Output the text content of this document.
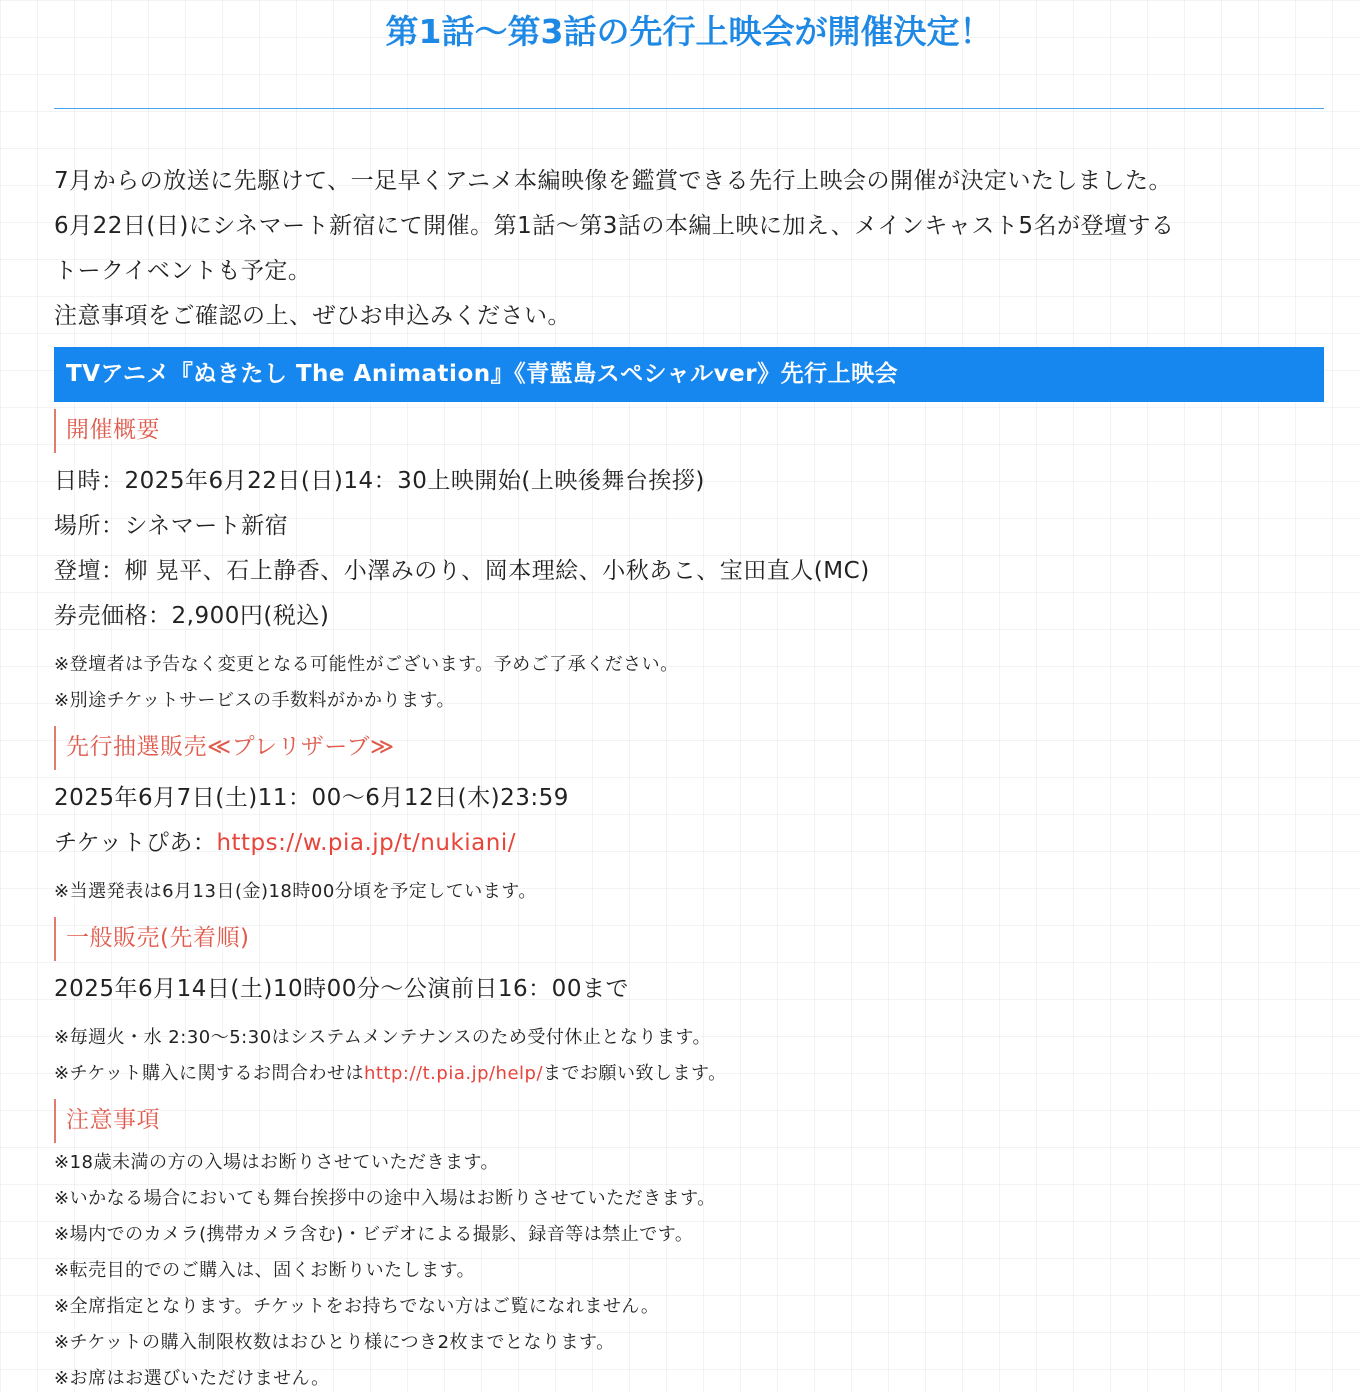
第1話〜第3話の先行上映会が開催決定！

7月からの放送に先駆けて、一足早くアニメ本編映像を鑑賞できる先行上映会の開催が決定いたしました。

6月22日(日)にシネマート新宿にて開催。第1話〜第3話の本編上映に加え、メインキャスト5名が登壇する

トークイベントも予定。

注意事項をご確認の上、ぜひお申込みください。

TVアニメ『ぬきたし The Animation』《青藍島スペシャルver》先行上映会
開催概要
日時：2025年6月22日(日)14：30上映開始(上映後舞台挨拶)
場所：シネマート新宿
登壇：柳 晃平、石上静香、小澤みのり、岡本理絵、小秋あこ、宝田直人(MC)
券売価格：2,900円(税込)
※登壇者は予告なく変更となる可能性がございます。予めご了承ください。
※別途チケットサービスの手数料がかかります。
先行抽選販売≪プレリザーブ≫
2025年6月7日(土)11：00〜6月12日(木)23:59
チケットぴあ：https://w.pia.jp/t/nukiani/
※当選発表は6月13日(金)18時00分頃を予定しています。
一般販売(先着順)
2025年6月14日(土)10時00分〜公演前日16：00まで
※毎週火・水 2:30〜5:30はシステムメンテナンスのため受付休止となります。
※チケット購入に関するお問合わせはhttp://t.pia.jp/help/までお願い致します。
注意事項
※18歳未満の方の入場はお断りさせていただきます。
※いかなる場合においても舞台挨拶中の途中入場はお断りさせていただきます。
※場内でのカメラ(携帯カメラ含む)・ビデオによる撮影、録音等は禁止です。
※転売目的でのご購入は、固くお断りいたします。
※全席指定となります。チケットをお持ちでない方はご覧になれません。
※チケットの購入制限枚数はおひとり様につき2枚までとなります。
※お席はお選びいただけません。
